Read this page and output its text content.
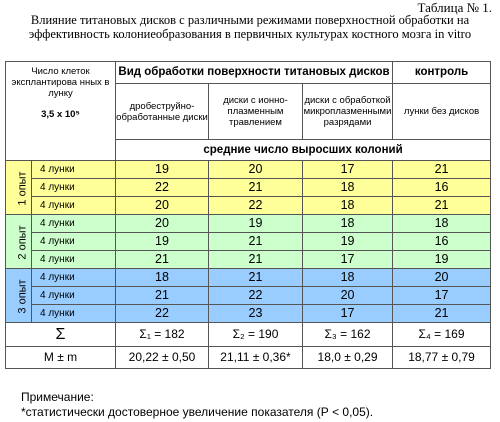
Таблица № 1.
Влияние титановых дисков с различными режимами поверхностной обработки на эффективность колониеобразования в первичных культурах костного мозга in vitro
Число клеток эксплантирова нных в лунку
3,5 х 10⁵		Вид обработки поверхности титановых дисков			контроль
		дробеструйно-обработанные диски	диски с ионно-плазменным травлением	диски с обработкой микроплазменными разрядами	лунки без дисков
		средние число выросших колоний			
1 опыт	4 лунки	19	20	17	21
	4 лунки	22	21	18	16
	4 лунки	20	22	18	21
2 опыт	4 лунки	20	19	18	18
	4 лунки	19	21	19	16
	4 лунки	21	21	17	19
3 опыт	4 лунки	18	21	18	20
	4 лунки	21	22	20	17
	4 лунки	22	23	17	21
Σ		Σ₁ = 182	Σ₂ = 190	Σ₃ = 162	Σ₄ = 169
M ± m		20,22 ± 0,50	21,11 ± 0,36*	18,0 ± 0,29	18,77 ± 0,79
Примечание:
*статистически достоверное увеличение показателя (Р < 0,05).
